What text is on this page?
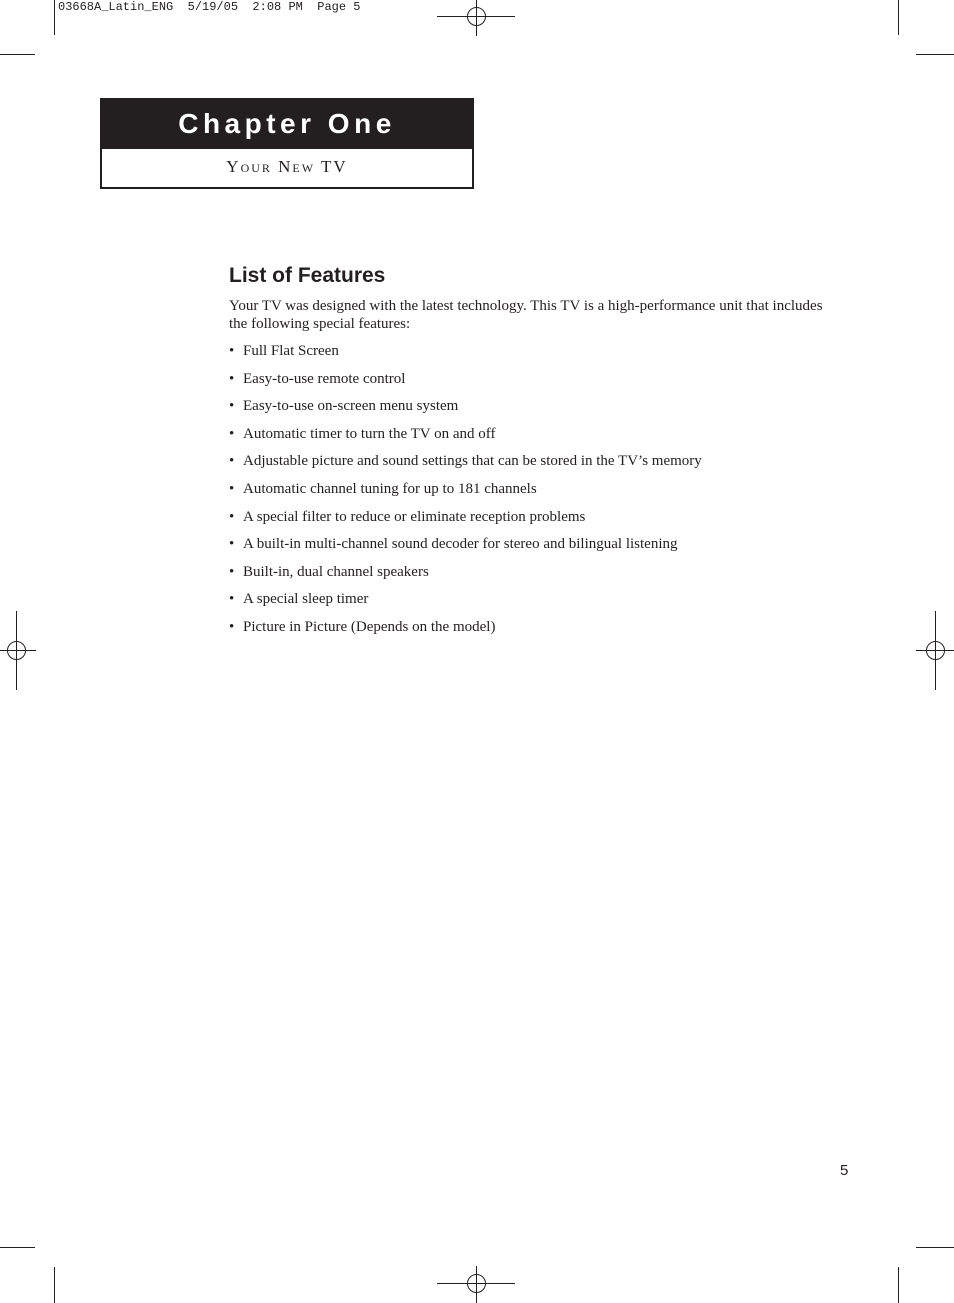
03668A_Latin_ENG  5/19/05  2:08 PM  Page 5
Chapter One
Your New TV
List of Features

Your TV was designed with the latest technology. This TV is a high-performance unit that includes the following special features:

• Full Flat Screen
• Easy-to-use remote control
• Easy-to-use on-screen menu system
• Automatic timer to turn the TV on and off
• Adjustable picture and sound settings that can be stored in the TV’s memory
• Automatic channel tuning for up to 181 channels
• A special filter to reduce or eliminate reception problems
• A built-in multi-channel sound decoder for stereo and bilingual listening
• Built-in, dual channel speakers
• A special sleep timer
• Picture in Picture (Depends on the model)
5
